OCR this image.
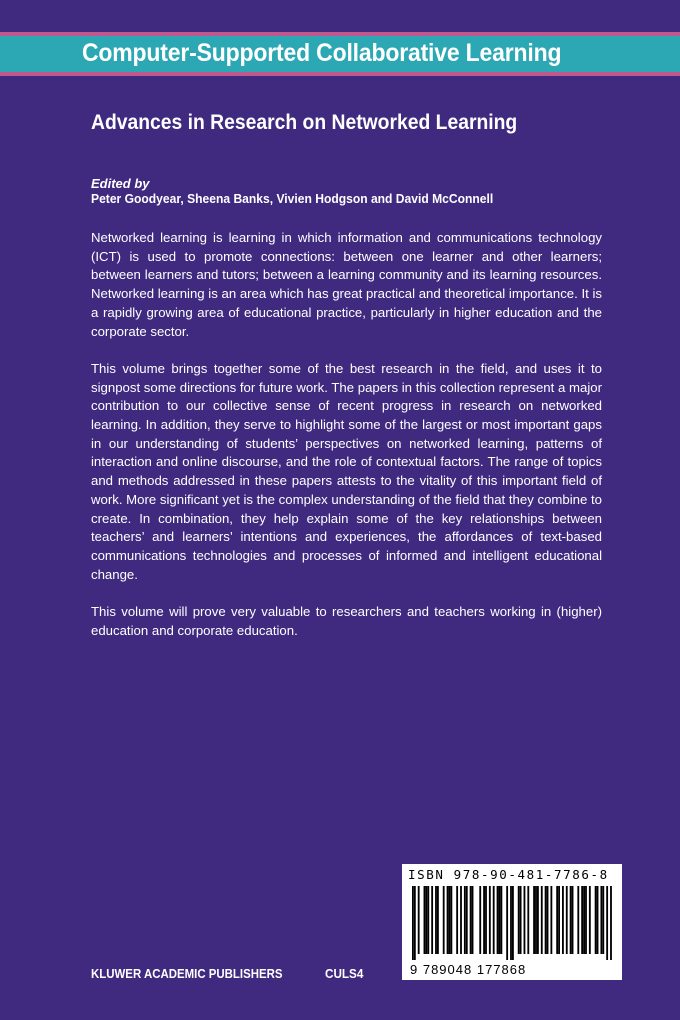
Computer-Supported Collaborative Learning
Advances in Research on Networked Learning
Edited by
Peter Goodyear, Sheena Banks, Vivien Hodgson and David McConnell

Networked learning is learning in which information and communications technology (ICT) is used to promote connections: between one learner and other learners; between learners and tutors; between a learning community and its learning resources. Networked learning is an area which has great practical and theoretical importance. It is a rapidly growing area of educational practice, particularly in higher education and the corporate sector.

This volume brings together some of the best research in the field, and uses it to signpost some directions for future work. The papers in this collection represent a major contribution to our collective sense of recent progress in research on networked learning. In addition, they serve to highlight some of the largest or most important gaps in our understanding of students’ perspectives on networked learning, patterns of interaction and online discourse, and the role of contextual factors. The range of topics and methods addressed in these papers attests to the vitality of this important field of work. More significant yet is the complex understanding of the field that they combine to create. In combination, they help explain some of the key relationships between teachers’ and learners’ intentions and experiences, the affordances of text-based communications technologies and processes of informed and intelligent educational change.

This volume will prove very valuable to researchers and teachers working in (higher) education and corporate education.

ISBN 978-90-481-7786-8
9 789048 177868
KLUWER ACADEMIC PUBLISHERS	CULS4
